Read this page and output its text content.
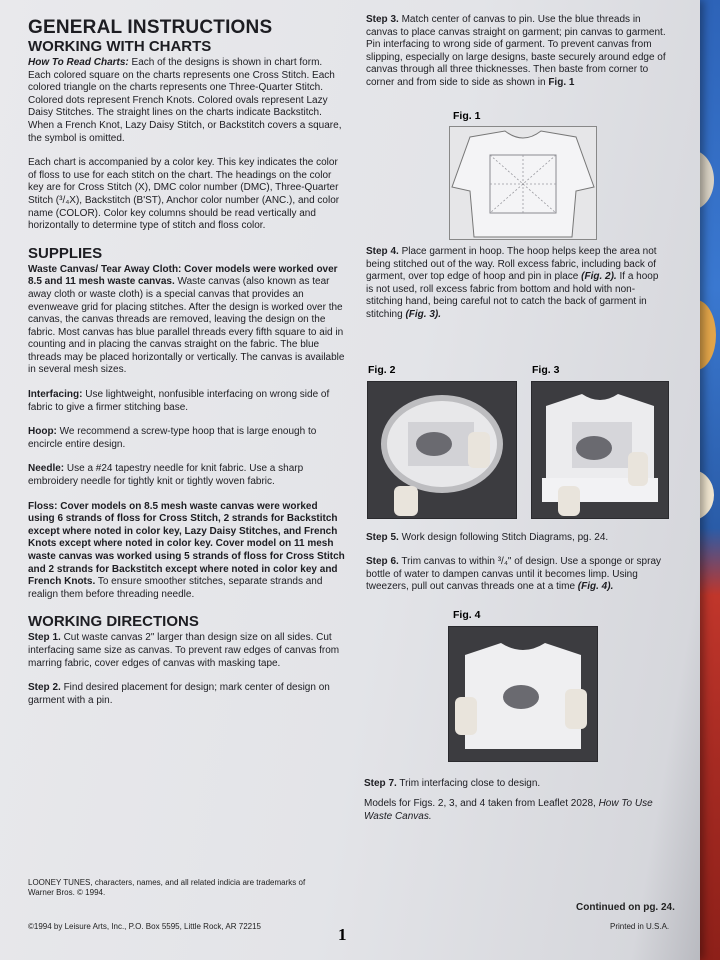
GENERAL INSTRUCTIONS
WORKING WITH CHARTS

How To Read Charts: Each of the designs is shown in chart form. Each colored square on the charts represents one Cross Stitch. Each colored triangle on the charts represents one Three-Quarter Stitch. Colored dots represent French Knots. Colored ovals represent Lazy Daisy Stitches. The straight lines on the charts indicate Backstitch. When a French Knot, Lazy Daisy Stitch, or Backstitch covers a square, the symbol is omitted.

Each chart is accompanied by a color key. This key indicates the color of floss to use for each stitch on the chart. The headings on the color key are for Cross Stitch (X), DMC color number (DMC), Three-Quarter Stitch (³/₄X), Backstitch (B'ST), Anchor color number (ANC.), and color name (COLOR). Color key columns should be read vertically and horizontally to determine type of stitch and floss color.

SUPPLIES

Waste Canvas/ Tear Away Cloth: Cover models were worked over 8.5 and 11 mesh waste canvas. Waste canvas (also known as tear away cloth or waste cloth) is a special canvas that provides an evenweave grid for placing stitches. After the design is worked over the canvas, the canvas threads are removed, leaving the design on the fabric. Most canvas has blue parallel threads every fifth square to aid in counting and in placing the canvas straight on the fabric. The blue threads may be placed horizontally or vertically. The canvas is available in several mesh sizes.

Interfacing: Use lightweight, nonfusible interfacing on wrong side of fabric to give a firmer stitching base.

Hoop: We recommend a screw-type hoop that is large enough to encircle entire design.

Needle: Use a #24 tapestry needle for knit fabric. Use a sharp embroidery needle for tightly knit or tightly woven fabric.

Floss: Cover models on 8.5 mesh waste canvas were worked using 6 strands of floss for Cross Stitch, 2 strands for Backstitch except where noted in color key, Lazy Daisy Stitches, and French Knots except where noted in color key. Cover model on 11 mesh waste canvas was worked using 5 strands of floss for Cross Stitch and 2 strands for Backstitch except where noted in color key and French Knots. To ensure smoother stitches, separate strands and realign them before threading needle.

WORKING DIRECTIONS

Step 1. Cut waste canvas 2" larger than design size on all sides. Cut interfacing same size as canvas. To prevent raw edges of canvas from marring fabric, cover edges of canvas with masking tape.

Step 2. Find desired placement for design; mark center of design on garment with a pin.

LOONEY TUNES, characters, names, and all related indicia are trademarks of Warner Bros. © 1994.
©1994 by Leisure Arts, Inc., P.O. Box 5595, Little Rock, AR 72215	1

Step 3. Match center of canvas to pin. Use the blue threads in canvas to place canvas straight on garment; pin canvas to garment. Pin interfacing to wrong side of garment. To prevent canvas from slipping, especially on large designs, baste securely around edge of canvas through all three thicknesses. Then baste from corner to corner and from side to side as shown in Fig. 1

Fig. 1

Step 4. Place garment in hoop. The hoop helps keep the area not being stitched out of the way. Roll excess fabric, including back of garment, over top edge of hoop and pin in place (Fig. 2). If a hoop is not used, roll excess fabric from bottom and hold with non-stitching hand, being careful not to catch the back of garment in stitching (Fig. 3).

Fig. 2	Fig. 3

Step 5. Work design following Stitch Diagrams, pg. 24.

Step 6. Trim canvas to within ³/₄" of design. Use a sponge or spray bottle of water to dampen canvas until it becomes limp. Using tweezers, pull out canvas threads one at a time (Fig. 4).

Fig. 4

Step 7. Trim interfacing close to design.

Models for Figs. 2, 3, and 4 taken from Leaflet 2028, How To Use Waste Canvas.

Continued on pg. 24.
Printed in U.S.A.
